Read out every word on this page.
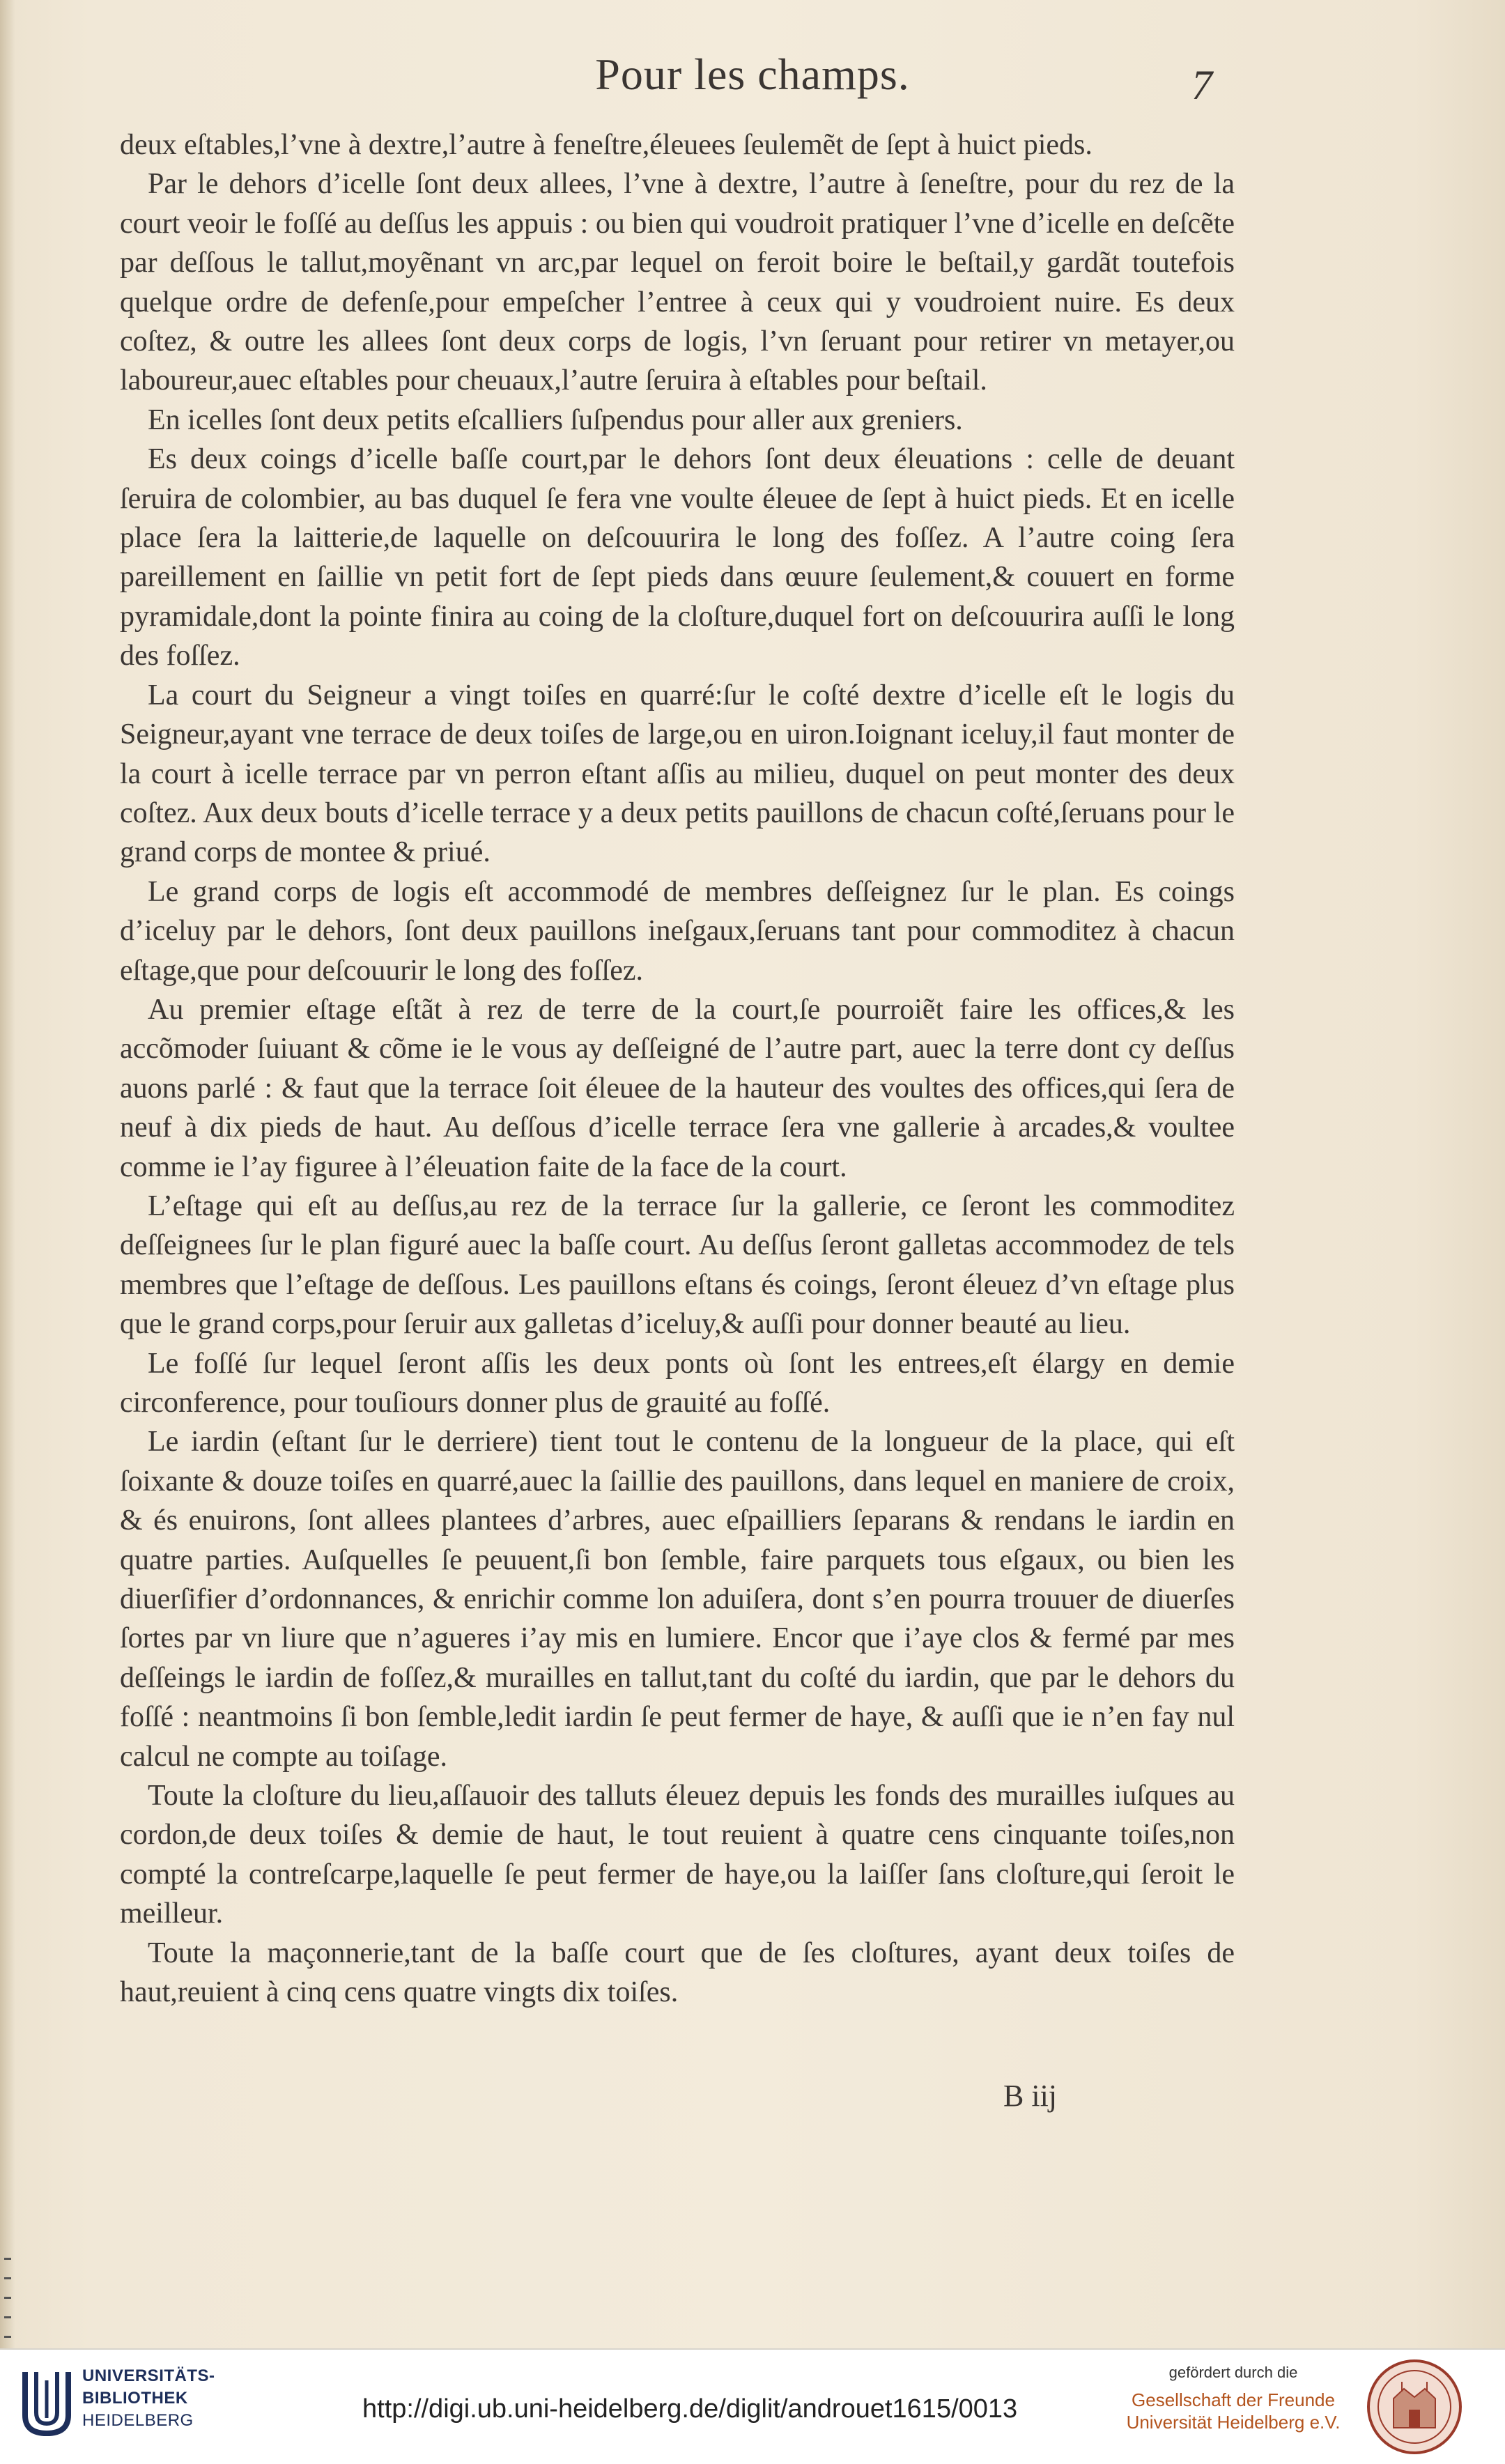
Pour les champs.	7

deux eſtables,l’vne à dextre,l’autre à feneſtre,éleuees ſeulemẽt de ſept à huict pieds.

Par le dehors d’icelle ſont deux allees, l’vne à dextre, l’autre à ſeneſtre, pour du rez de la court veoir le foſſé au deſſus les appuis : ou bien qui voudroit pratiquer l’vne d’icelle en deſcẽte par deſſous le tallut,moyẽnant vn arc,par lequel on feroit boire le beſtail,y gardãt toutefois quelque ordre de defenſe,pour empeſcher l’entree à ceux qui y voudroient nuire. Es deux coſtez, & outre les allees ſont deux corps de logis, l’vn ſeruant pour retirer vn metayer,ou laboureur,auec eſtables pour cheuaux,l’autre ſeruira à eſtables pour beſtail.

En icelles ſont deux petits eſcalliers ſuſpendus pour aller aux greniers.

Es deux coings d’icelle baſſe court,par le dehors ſont deux éleuations : celle de deuant ſeruira de colombier, au bas duquel ſe fera vne voulte éleuee de ſept à huict pieds. Et en icelle place ſera la laitterie,de laquelle on deſcouurira le long des foſſez. A l’autre coing ſera pareillement en ſaillie vn petit fort de ſept pieds dans œuure ſeulement,& couuert en forme pyramidale,dont la pointe finira au coing de la cloſture,duquel fort on deſcouurira auſſi le long des foſſez.

La court du Seigneur a vingt toiſes en quarré:ſur le coſté dextre d’icelle eſt le logis du Seigneur,ayant vne terrace de deux toiſes de large,ou en uiron.Ioignant iceluy,il faut monter de la court à icelle terrace par vn perron eſtant aſſis au milieu, duquel on peut monter des deux coſtez. Aux deux bouts d’icelle terrace y a deux petits pauillons de chacun coſté,ſeruans pour le grand corps de montee & priué.

Le grand corps de logis eſt accommodé de membres deſſeignez ſur le plan. Es coings d’iceluy par le dehors, ſont deux pauillons ineſgaux,ſeruans tant pour commoditez à chacun eſtage,que pour deſcouurir le long des foſſez.

Au premier eſtage eſtãt à rez de terre de la court,ſe pourroiẽt faire les offices,& les accõmoder ſuiuant & cõme ie le vous ay deſſeigné de l’autre part, auec la terre dont cy deſſus auons parlé : & faut que la terrace ſoit éleuee de la hauteur des voultes des offices,qui ſera de neuf à dix pieds de haut. Au deſſous d’icelle terrace ſera vne gallerie à arcades,& voultee comme ie l’ay figuree à l’éleuation faite de la face de la court.

L’eſtage qui eſt au deſſus,au rez de la terrace ſur la gallerie, ce ſeront les commoditez deſſeignees ſur le plan figuré auec la baſſe court. Au deſſus ſeront galletas accommodez de tels membres que l’eſtage de deſſous. Les pauillons eſtans és coings, ſeront éleuez d’vn eſtage plus que le grand corps,pour ſeruir aux galletas d’iceluy,& auſſi pour donner beauté au lieu.

Le foſſé ſur lequel ſeront aſſis les deux ponts où ſont les entrees,eſt élargy en demie circonference, pour touſiours donner plus de grauité au foſſé.

Le iardin (eſtant ſur le derriere) tient tout le contenu de la longueur de la place, qui eſt ſoixante & douze toiſes en quarré,auec la ſaillie des pauillons, dans lequel en maniere de croix, & és enuirons, ſont allees plantees d’arbres, auec eſpailliers ſeparans & rendans le iardin en quatre parties. Auſquelles ſe peuuent,ſi bon ſemble, faire parquets tous eſgaux, ou bien les diuerſifier d’ordonnances, & enrichir comme lon aduiſera, dont s’en pourra trouuer de diuerſes ſortes par vn liure que n’agueres i’ay mis en lumiere. Encor que i’aye clos & fermé par mes deſſeings le iardin de foſſez,& murailles en tallut,tant du coſté du iardin, que par le dehors du foſſé : neantmoins ſi bon ſemble,ledit iardin ſe peut fermer de haye, & auſſi que ie n’en fay nul calcul ne compte au toiſage.

Toute la cloſture du lieu,aſſauoir des talluts éleuez depuis les fonds des murailles iuſques au cordon,de deux toiſes & demie de haut, le tout reuient à quatre cens cinquante toiſes,non compté la contreſcarpe,laquelle ſe peut fermer de haye,ou la laiſſer ſans cloſture,qui ſeroit le meilleur.

Toute la maçonnerie,tant de la baſſe court que de ſes cloſtures, ayant deux toiſes de haut,reuient à cinq cens quatre vingts dix toiſes.

B iij
UNIVERSITÄTS-
BIBLIOTHEK
HEIDELBERG	http://digi.ub.uni-heidelberg.de/diglit/androuet1615/0013
gefördert durch die
Gesellschaft der Freunde
Universität Heidelberg e.V.
